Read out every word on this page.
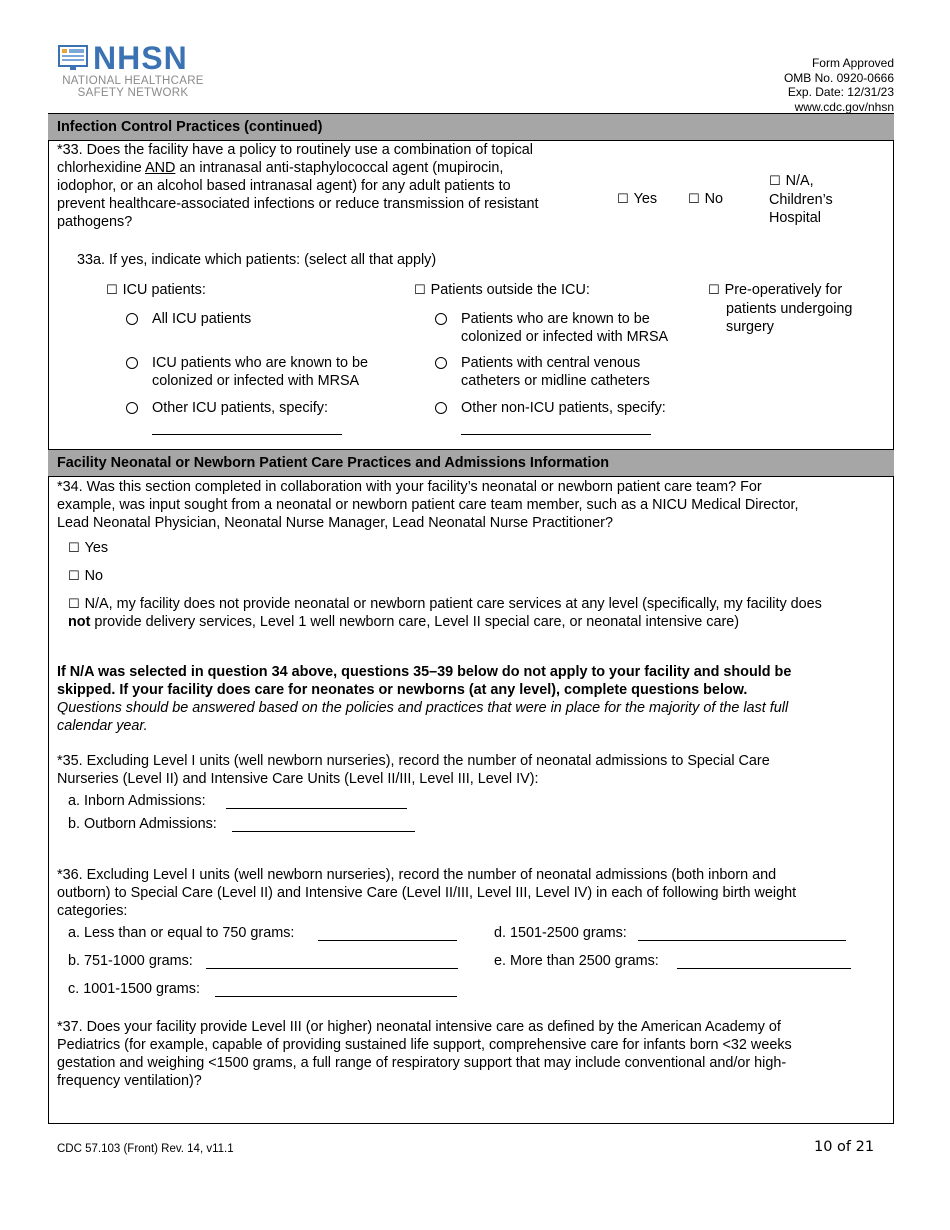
NHSN
NATIONAL HEALTHCARE
SAFETY NETWORK
Form Approved
OMB No. 0920-0666
Exp. Date: 12/31/23
www.cdc.gov/nhsn
Infection Control Practices (continued)
*33. Does the facility have a policy to routinely use a combination of topical
chlorhexidine AND an intranasal anti-staphylococcal agent (mupirocin,
iodophor, or an alcohol based intranasal agent) for any adult patients to
prevent healthcare-associated infections or reduce transmission of resistant
pathogens?
☐ Yes ☐ No
☐ N/A,
Children’s
Hospital
33a. If yes, indicate which patients: (select all that apply)
☐ ICU patients:
All ICU patients
ICU patients who are known to be
colonized or infected with MRSA
Other ICU patients, specify:
☐ Patients outside the ICU:
Patients who are known to be
colonized or infected with MRSA
Patients with central venous
catheters or midline catheters
Other non-ICU patients, specify:
☐ Pre-operatively for
patients undergoing
surgery
Facility Neonatal or Newborn Patient Care Practices and Admissions Information
*34. Was this section completed in collaboration with your facility’s neonatal or newborn patient care team? For
example, was input sought from a neonatal or newborn patient care team member, such as a NICU Medical Director,
Lead Neonatal Physician, Neonatal Nurse Manager, Lead Neonatal Nurse Practitioner?
☐ Yes
☐ No
☐ N/A, my facility does not provide neonatal or newborn patient care services at any level (specifically, my facility does
not provide delivery services, Level 1 well newborn care, Level II special care, or neonatal intensive care)
If N/A was selected in question 34 above, questions 35–39 below do not apply to your facility and should be
skipped. If your facility does care for neonates or newborns (at any level), complete questions below.
Questions should be answered based on the policies and practices that were in place for the majority of the last full
calendar year.
*35. Excluding Level I units (well newborn nurseries), record the number of neonatal admissions to Special Care
Nurseries (Level II) and Intensive Care Units (Level II/III, Level III, Level IV):
a. Inborn Admissions:
b. Outborn Admissions:
*36. Excluding Level I units (well newborn nurseries), record the number of neonatal admissions (both inborn and
outborn) to Special Care (Level II) and Intensive Care (Level II/III, Level III, Level IV) in each of following birth weight
categories:
a. Less than or equal to 750 grams:
b. 751-1000 grams:
c. 1001-1500 grams:
d. 1501-2500 grams:
e. More than 2500 grams:
*37. Does your facility provide Level III (or higher) neonatal intensive care as defined by the American Academy of
Pediatrics (for example, capable of providing sustained life support, comprehensive care for infants born <32 weeks
gestation and weighing <1500 grams, a full range of respiratory support that may include conventional and/or high-
frequency ventilation)?
CDC 57.103 (Front) Rev. 14, v11.1	10 of 21
